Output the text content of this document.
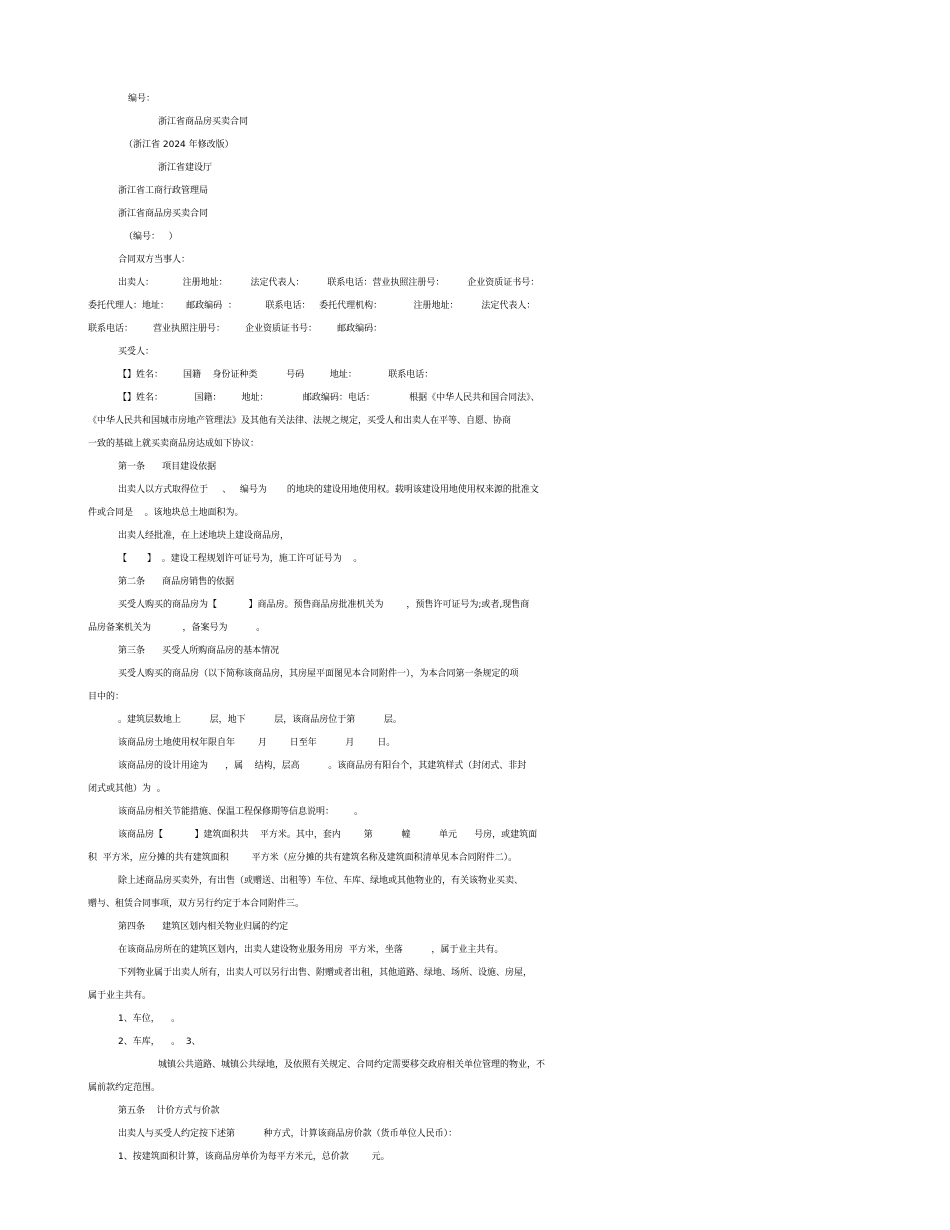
编号：
浙江省商品房买卖合同
（浙江省 2024 年修改版）
浙江省建设厅
浙江省工商行政管理局
浙江省商品房买卖合同
（编号：   ）
合同双方当事人：
出卖人：          注册地址：        法定代表人：        联系电话：营业执照注册号：        企业资质证书号：
委托代理人：地址：      邮政编码  ：          联系电话：   委托代理机构：           注册地址：        法定代表人：
联系电话：       营业执照注册号：       企业资质证书号：       邮政编码：
买受人：
【】姓名：       国籍    身份证种类          号码         地址：           联系电话：
【】姓名：           国籍：       地址：            邮政编码：电话：            根据《中华人民共和国合同法》、
《中华人民共和国城市房地产管理法》及其他有关法律、法规之规定，买受人和出卖人在平等、自愿、协商
一致的基础上就买卖商品房达成如下协议：
第一条      项目建设依据
出卖人以方式取得位于     、   编号为       的地块的建设用地使用权。载明该建设用地使用权来源的批准文
件或合同是    。该地块总土地面积为。
出卖人经批准，在上述地块上建设商品房，
【       】  。建设工程规划许可证号为，施工许可证号为    。
第二条      商品房销售的依据
买受人购买的商品房为【           】商品房。预售商品房批准机关为        ，预售许可证号为;或者,现售商
品房备案机关为           ，备案号为          。
第三条      买受人所购商品房的基本情况
买受人购买的商品房（以下简称该商品房，其房屋平面图见本合同附件一），为本合同第一条规定的项
目中的：
。建筑层数地上          层，地下          层，该商品房位于第          层。
该商品房土地使用权年限自年        月        日至年          月        日。
该商品房的设计用途为      ，属    结构，层高          。该商品房有阳台个，其建筑样式（封闭式、非封
闭式或其他）为  。
该商品房相关节能措施、保温工程保修期等信息说明：       。
该商品房【           】建筑面积共    平方米。其中，套内        第          幢          单元      号房，或建筑面
积  平方米，应分摊的共有建筑面积        平方米（应分摊的共有建筑名称及建筑面积清单见本合同附件二）。
除上述商品房买卖外，有出售（或赠送、出租等）车位、车库、绿地或其他物业的，有关该物业买卖、
赠与、租赁合同事项，双方另行约定于本合同附件三。
第四条      建筑区划内相关物业归属的约定
在该商品房所在的建筑区划内，出卖人建设物业服务用房  平方米，坐落          ，属于业主共有。
下列物业属于出卖人所有，出卖人可以另行出售、附赠或者出租，其他道路、绿地、场所、设施、房屋，
属于业主共有。
1、车位，    。
2、车库，    。  3、
城镇公共道路、城镇公共绿地，及依照有关规定、合同约定需要移交政府相关单位管理的物业，不
属前款约定范围。
第五条    计价方式与价款
出卖人与买受人约定按下述第          种方式，计算该商品房价款（货币单位人民币）：
1、按建筑面积计算，该商品房单价为每平方米元，总价款        元。
